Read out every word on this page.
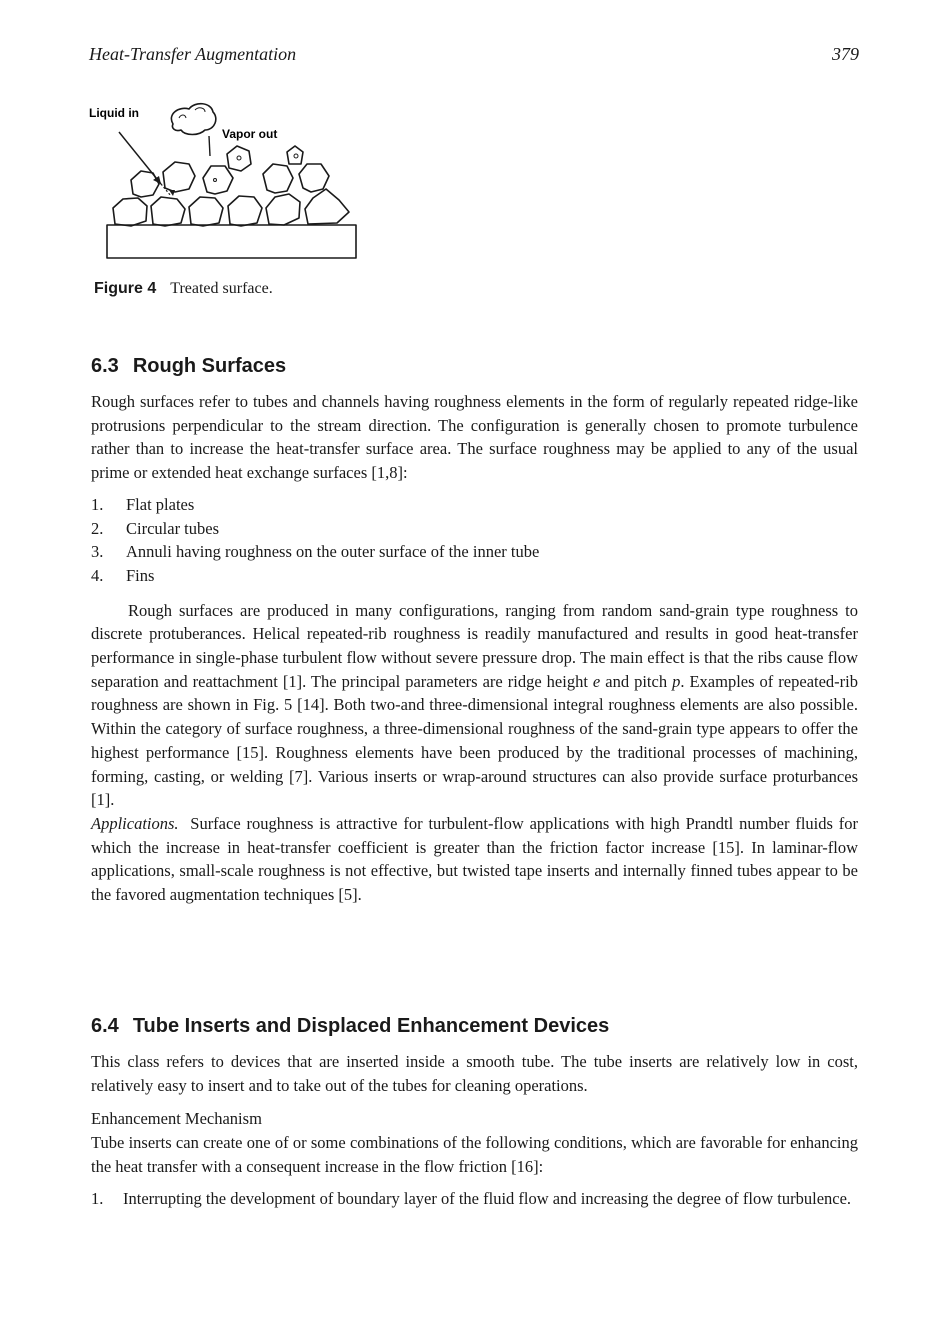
Heat-Transfer Augmentation	379
Liquid in
Vapor out
Figure 4 Treated surface.
6.3 Rough Surfaces

Rough surfaces refer to tubes and channels having roughness elements in the form of regularly repeated ridge-like protrusions perpendicular to the stream direction. The configuration is generally chosen to promote turbulence rather than to increase the heat-transfer surface area. The surface roughness may be applied to any of the usual prime or extended heat exchange surfaces [1,8]:

1. Flat plates
2. Circular tubes
3. Annuli having roughness on the outer surface of the inner tube
4. Fins

Rough surfaces are produced in many configurations, ranging from random sand-grain type roughness to discrete protuberances. Helical repeated-rib roughness is readily manufactured and results in good heat-transfer performance in single-phase turbulent flow without severe pressure drop. The main effect is that the ribs cause flow separation and reattachment [1]. The principal parameters are ridge height e and pitch p. Examples of repeated-rib roughness are shown in Fig. 5 [14]. Both two-and three-dimensional integral roughness elements are also possible. Within the category of surface roughness, a three-dimensional roughness of the sand-grain type appears to offer the highest performance [15]. Roughness elements have been produced by the traditional processes of machining, forming, casting, or welding [7]. Various inserts or wrap-around structures can also provide surface proturbances [1].

Applications. Surface roughness is attractive for turbulent-flow applications with high Prandtl number fluids for which the increase in heat-transfer coefficient is greater than the friction factor increase [15]. In laminar-flow applications, small-scale roughness is not effective, but twisted tape inserts and internally finned tubes appear to be the favored augmentation techniques [5].

6.4 Tube Inserts and Displaced Enhancement Devices

This class refers to devices that are inserted inside a smooth tube. The tube inserts are relatively low in cost, relatively easy to insert and to take out of the tubes for cleaning operations.

Enhancement Mechanism

Tube inserts can create one of or some combinations of the following conditions, which are favorable for enhancing the heat transfer with a consequent increase in the flow friction [16]:

1. Interrupting the development of boundary layer of the fluid flow and increasing the degree of flow turbulence.
